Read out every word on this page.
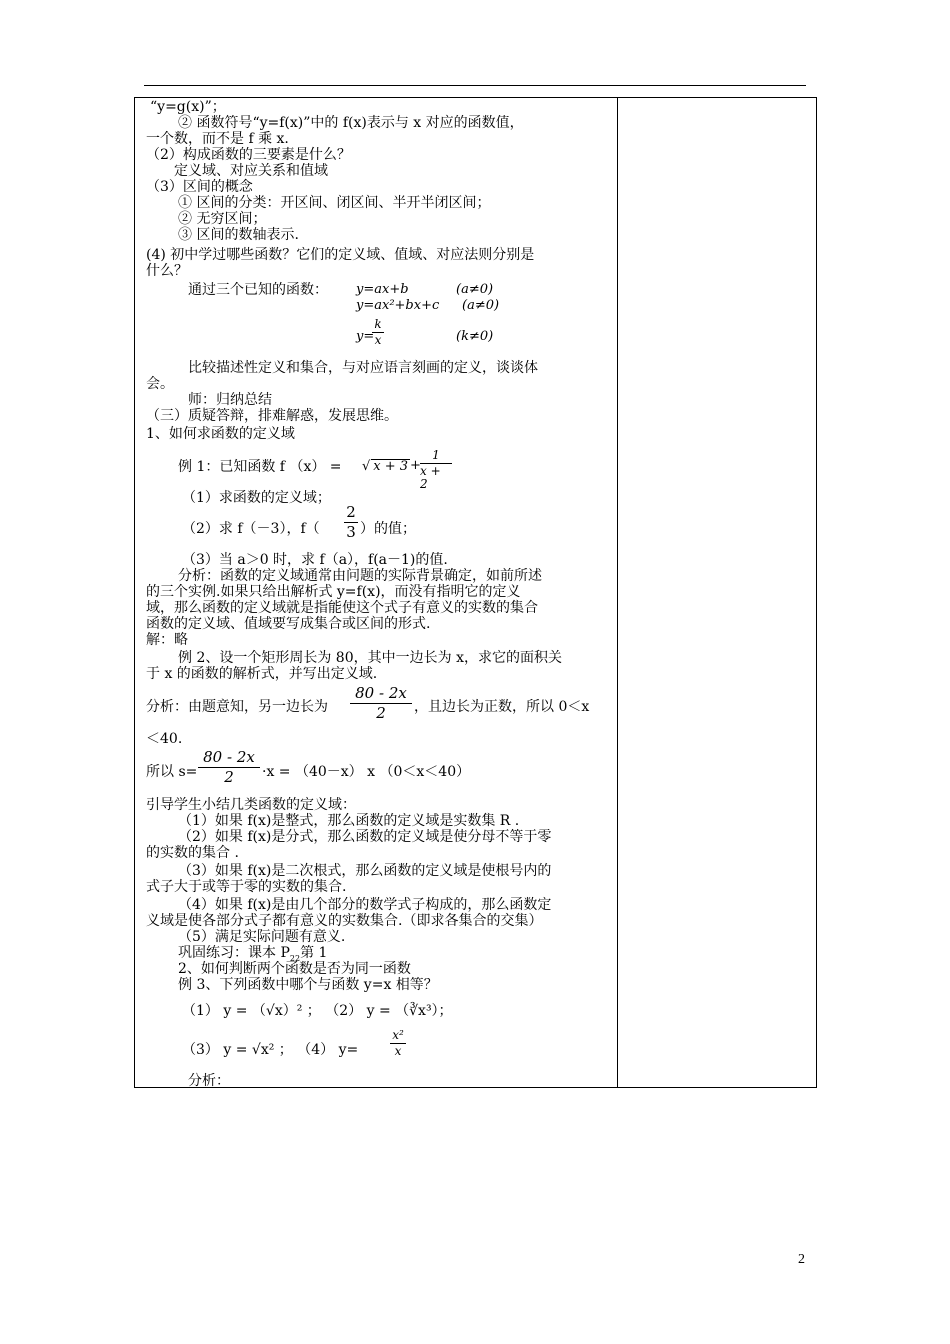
“y=g(x)”；
② 函数符号“y=f(x)”中的 f(x)表示与 x 对应的函数值，
一个数，而不是 f 乘 x.
（2）构成函数的三要素是什么？
定义域、对应关系和值域
（3）区间的概念
① 区间的分类：开区间、闭区间、半开半闭区间；
② 无穷区间；
③ 区间的数轴表示.
(4) 初中学过哪些函数？它们的定义域、值域、对应法则分别是
什么？
通过三个已知的函数： y=ax+b	(a≠0)
y=ax²+bx+c (a≠0)
y=
k
x	(k≠0)
比较描述性定义和集合，与对应语言刻画的定义，谈谈体
会。
师：归纳总结
（三）质疑答辩，排难解惑，发展思维。
1、如何求函数的定义域
例 1：已知函数 f （x） = √ x + 3 +
1
x + 2
（1）求函数的定义域；
（2）求 f（－3），f（
2
3 ）的值；
（3）当 a＞0 时，求 f（a），f(a－1)的值.
分析：函数的定义域通常由问题的实际背景确定，如前所述
的三个实例.如果只给出解析式 y=f(x)，而没有指明它的定义
域，那么函数的定义域就是指能使这个式子有意义的实数的集合
函数的定义域、值域要写成集合或区间的形式.
解：略
例 2、设一个矩形周长为 80，其中一边长为 x，求它的面积关
于 x 的函数的解析式，并写出定义域.
分析：由题意知，另一边长为
80 - 2x
2 ，且边长为正数，所以 0＜x
＜40.
所以 s=
80 - 2x
2 ·x = （40－x） x （0＜x＜40）
引导学生小结几类函数的定义域：
（1）如果 f(x)是整式，那么函数的定义域是实数集 R .
（2）如果 f(x)是分式，那么函数的定义域是使分母不等于零
的实数的集合 .
（3）如果 f(x)是二次根式，那么函数的定义域是使根号内的
式子大于或等于零的实数的集合.
（4）如果 f(x)是由几个部分的数学式子构成的，那么函数定
义域是使各部分式子都有意义的实数集合.（即求各集合的交集）
（5）满足实际问题有意义.
巩固练习：课本 $P_{22}$第 1
2、如何判断两个函数是否为同一函数
例 3、下列函数中哪个与函数 y=x 相等？
（1） y = （√x）² ； （2） y = （∛x³）；
（3） y = √x² ； （4） y=
x²
x
分析：
2
